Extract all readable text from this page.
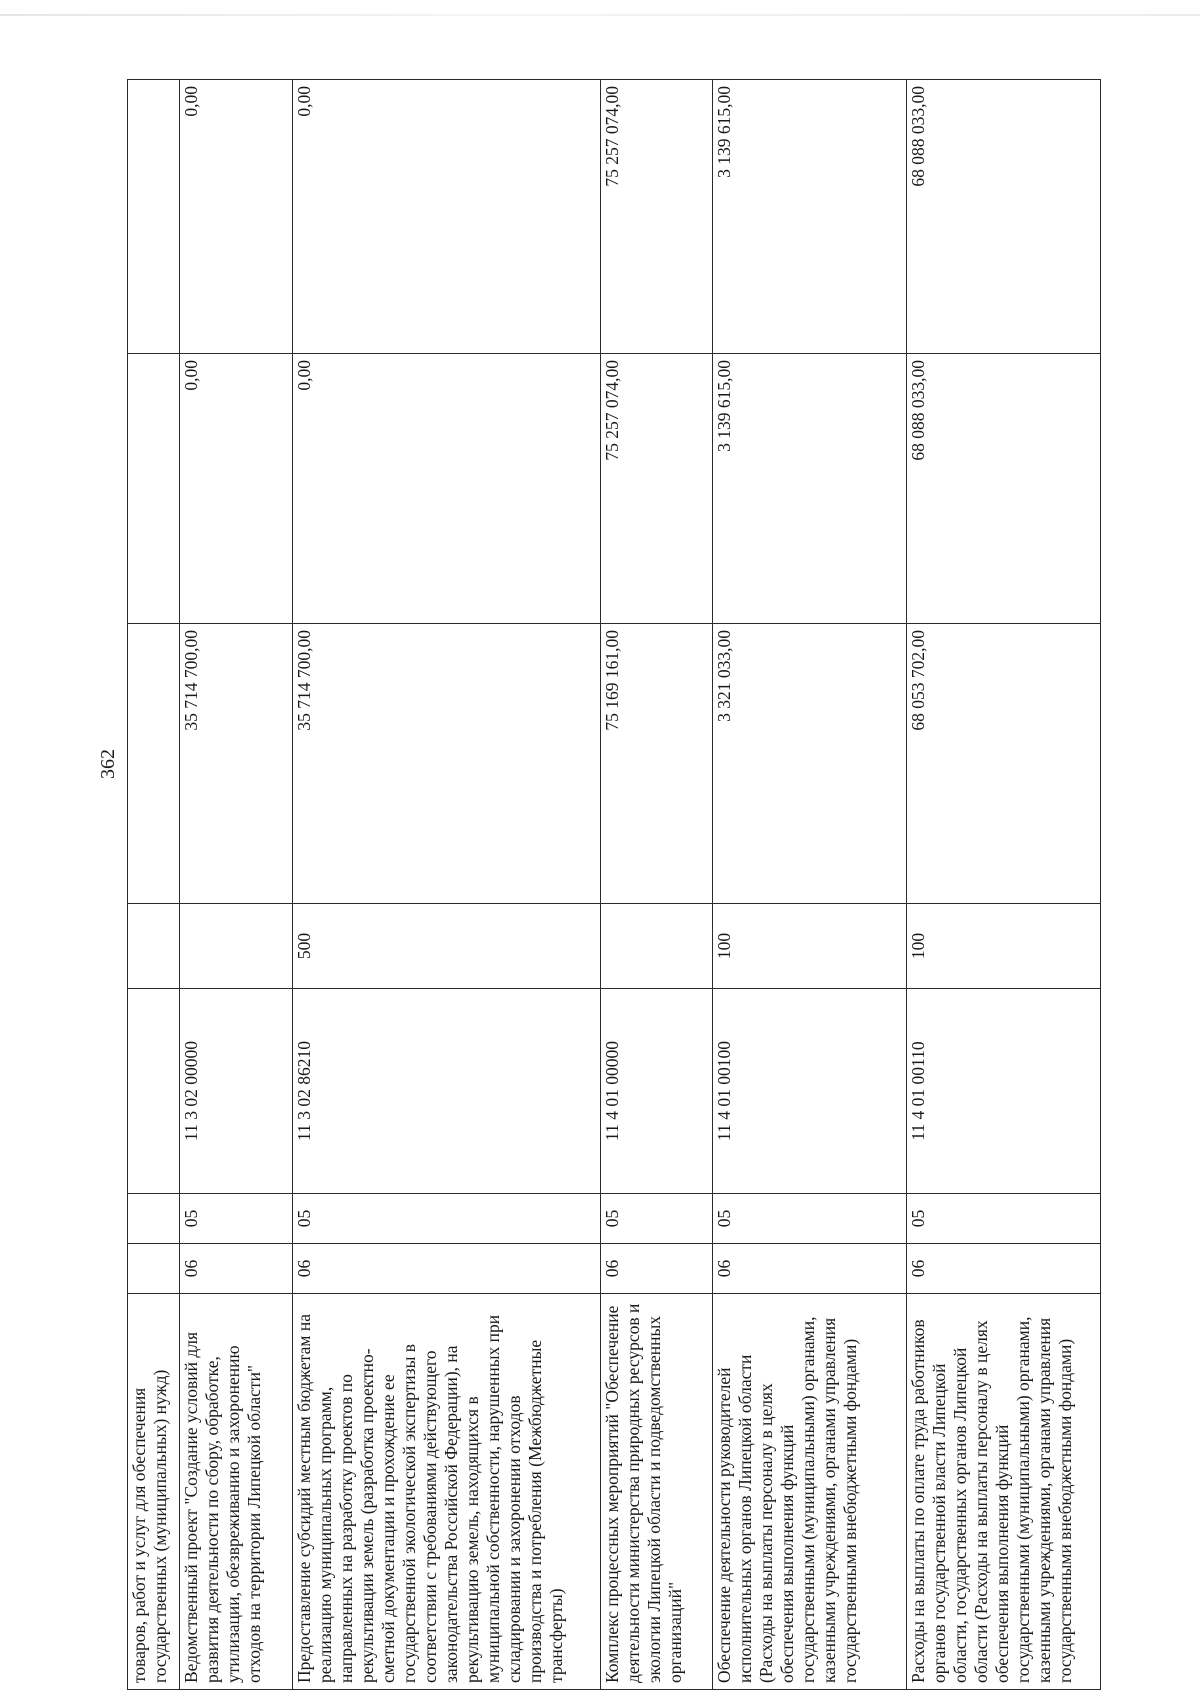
362
товаров, работ и услуг для обеспечения государственных (муниципальных) нужд)							
Ведомственный проект "Создание условий для развития деятельности по сбору, обработке, утилизации, обезвреживанию и захоронению отходов на территории Липецкой области"	06	05	11 3 02 00000		35 714 700,00	0,00	0,00
Предоставление субсидий местным бюджетам на реализацию муниципальных программ, направленных на разработку проектов по рекультивации земель (разработка проектно-сметной документации и прохождение ее государственной экологической экспертизы в соответствии с требованиями действующего законодательства Российской Федерации), на рекультивацию земель, находящихся в муниципальной собственности, нарушенных при складировании и захоронении отходов производства и потребления (Межбюджетные трансферты)	06	05	11 3 02 86210	500	35 714 700,00	0,00	0,00
Комплекс процессных мероприятий "Обеспечение деятельности министерства природных ресурсов и экологии Липецкой области и подведомственных организаций"	06	05	11 4 01 00000		75 169 161,00	75 257 074,00	75 257 074,00
Обеспечение деятельности руководителей исполнительных органов Липецкой области (Расходы на выплаты персоналу в целях обеспечения выполнения функций государственными (муниципальными) органами, казенными учреждениями, органами управления государственными внебюджетными фондами)	06	05	11 4 01 00100	100	3 321 033,00	3 139 615,00	3 139 615,00
Расходы на выплаты по оплате труда работников органов государственной власти Липецкой области, государственных органов Липецкой области (Расходы на выплаты персоналу в целях обеспечения выполнения функций государственными (муниципальными) органами, казенными учреждениями, органами управления государственными внебюджетными фондами)	06	05	11 4 01 00110	100	68 053 702,00	68 088 033,00	68 088 033,00
